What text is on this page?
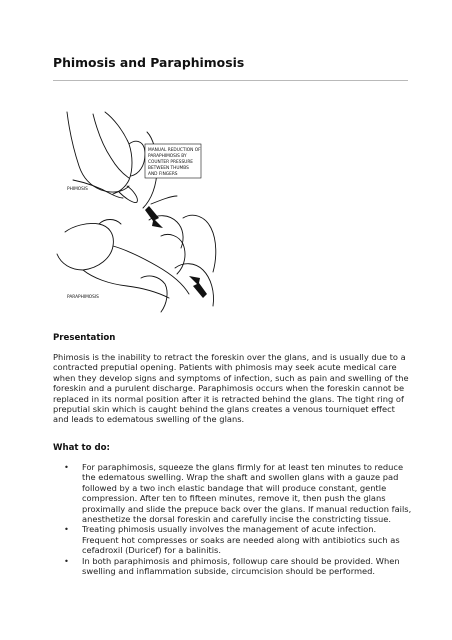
Phimosis and Paraphimosis
MANUAL REDUCTION OF
PARAPHIMOSIS BY
COUNTER PRESSURE
BETWEEN THUMBS
AND FINGERS
PHIMOSIS
PARAPHIMOSIS
Presentation

Phimosis is the inability to retract the foreskin over the glans, and is usually due to a contracted preputial opening. Patients with phimosis may seek acute medical care when they develop signs and symptoms of infection, such as pain and swelling of the foreskin and a purulent discharge. Paraphimosis occurs when the foreskin cannot be replaced in its normal position after it is retracted behind the glans. The tight ring of preputial skin which is caught behind the glans creates a venous tourniquet effect and leads to edematous swelling of the glans.

What to do:
• For paraphimosis, squeeze the glans firmly for at least ten minutes to reduce the edematous swelling. Wrap the shaft and swollen glans with a gauze pad followed by a two inch elastic bandage that will produce constant, gentle compression. After ten to fifteen minutes, remove it, then push the glans proximally and slide the prepuce back over the glans. If manual reduction fails, anesthetize the dorsal foreskin and carefully incise the constricting tissue.
• Treating phimosis usually involves the management of acute infection. Frequent hot compresses or soaks are needed along with antibiotics such as cefadroxil (Duricef) for a balinitis.
• In both paraphimosis and phimosis, followup care should be provided. When swelling and inflammation subside, circumcision should be performed.
